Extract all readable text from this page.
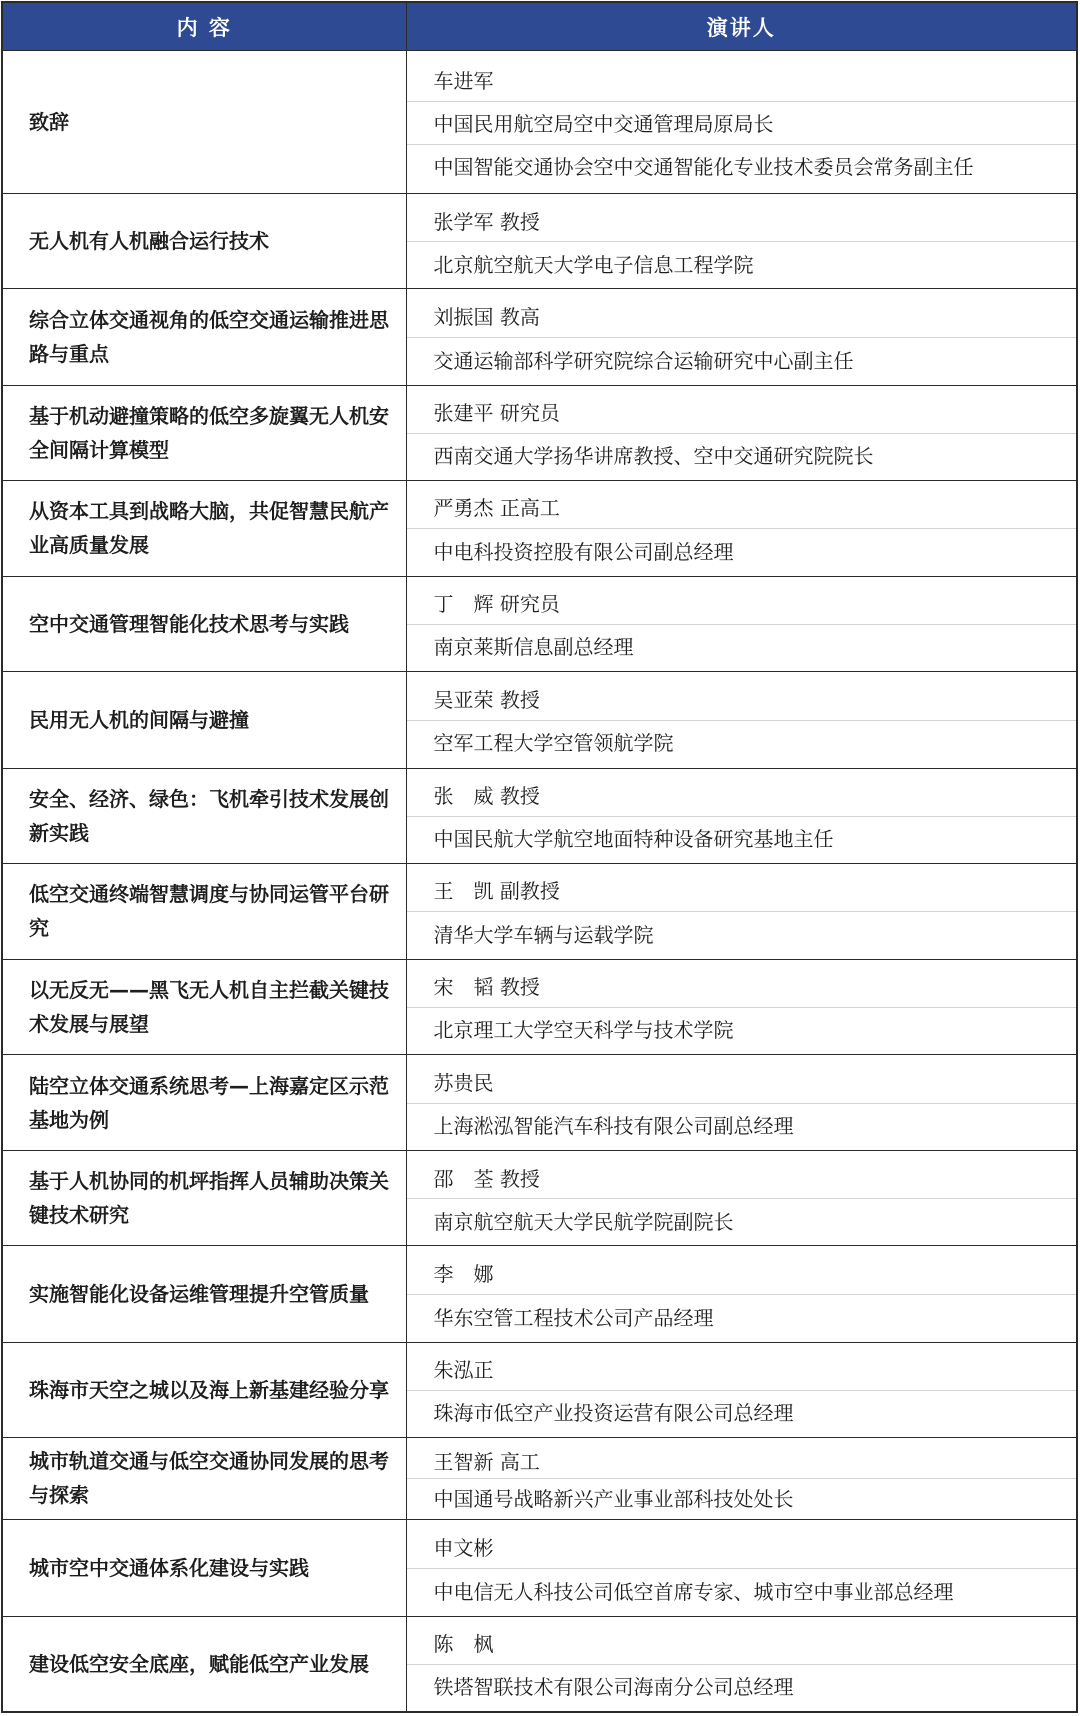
内 容	演讲人
致辞	车进军
中国民用航空局空中交通管理局原局长
中国智能交通协会空中交通智能化专业技术委员会常务副主任

无人机有人机融合运行技术	张学军 教授
北京航空航天大学电子信息工程学院

综合立体交通视角的低空交通运输推进思路与重点	刘振国 教高
交通运输部科学研究院综合运输研究中心副主任

基于机动避撞策略的低空多旋翼无人机安全间隔计算模型	张建平 研究员
西南交通大学扬华讲席教授、空中交通研究院院长

从资本工具到战略大脑，共促智慧民航产业高质量发展	严勇杰 正高工
中电科投资控股有限公司副总经理

空中交通管理智能化技术思考与实践	丁　辉 研究员
南京莱斯信息副总经理

民用无人机的间隔与避撞	吴亚荣 教授
空军工程大学空管领航学院

安全、经济、绿色：飞机牵引技术发展创新实践	张　威 教授
中国民航大学航空地面特种设备研究基地主任

低空交通终端智慧调度与协同运管平台研究	王　凯 副教授
清华大学车辆与运载学院

以无反无——黑飞无人机自主拦截关键技术发展与展望	宋　韬 教授
北京理工大学空天科学与技术学院

陆空立体交通系统思考—上海嘉定区示范基地为例	苏贵民
上海淞泓智能汽车科技有限公司副总经理

基于人机协同的机坪指挥人员辅助决策关键技术研究	邵　荃 教授
南京航空航天大学民航学院副院长

实施智能化设备运维管理提升空管质量	李　娜
华东空管工程技术公司产品经理

珠海市天空之城以及海上新基建经验分享	朱泓正
珠海市低空产业投资运营有限公司总经理

城市轨道交通与低空交通协同发展的思考与探索	王智新 高工
中国通号战略新兴产业事业部科技处处长

城市空中交通体系化建设与实践	申文彬
中电信无人科技公司低空首席专家、城市空中事业部总经理

建设低空安全底座，赋能低空产业发展	陈　枫
铁塔智联技术有限公司海南分公司总经理
